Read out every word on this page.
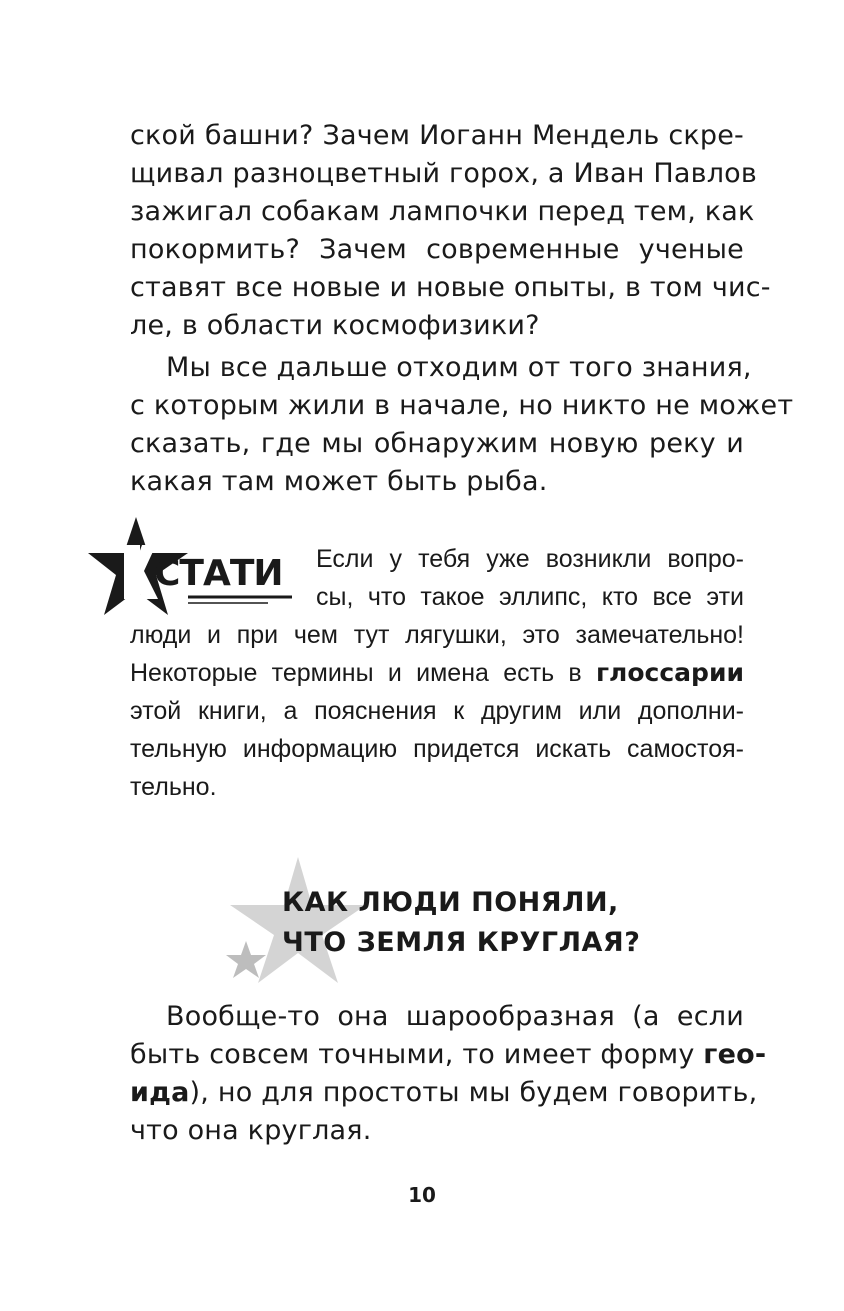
ской башни? Зачем Иоганн Мендель скре-
щивал разноцветный горох, а Иван Павлов
зажигал собакам лампочки перед тем, как
покормить? Зачем современные ученые
ставят все новые и новые опыты, в том чис-
ле, в области космофизики?
Мы все дальше отходим от того знания,
с которым жили в начале, но никто не может
сказать, где мы обнаружим новую реку и
какая там может быть рыба.
СТАТИ	Если у тебя уже возникли вопро-
сы, что такое эллипс, кто все эти
люди и при чем тут лягушки, это замечательно!
Некоторые термины и имена есть в глоссарии
этой книги, а пояснения к другим или дополни-
тельную информацию придется искать самостоя-
тельно.
КАК ЛЮДИ ПОНЯЛИ,
ЧТО ЗЕМЛЯ КРУГЛАЯ?
Вообще-то она шарообразная (а если
быть совсем точными, то имеет форму гео-
ида), но для простоты мы будем говорить,
что она круглая.
10
